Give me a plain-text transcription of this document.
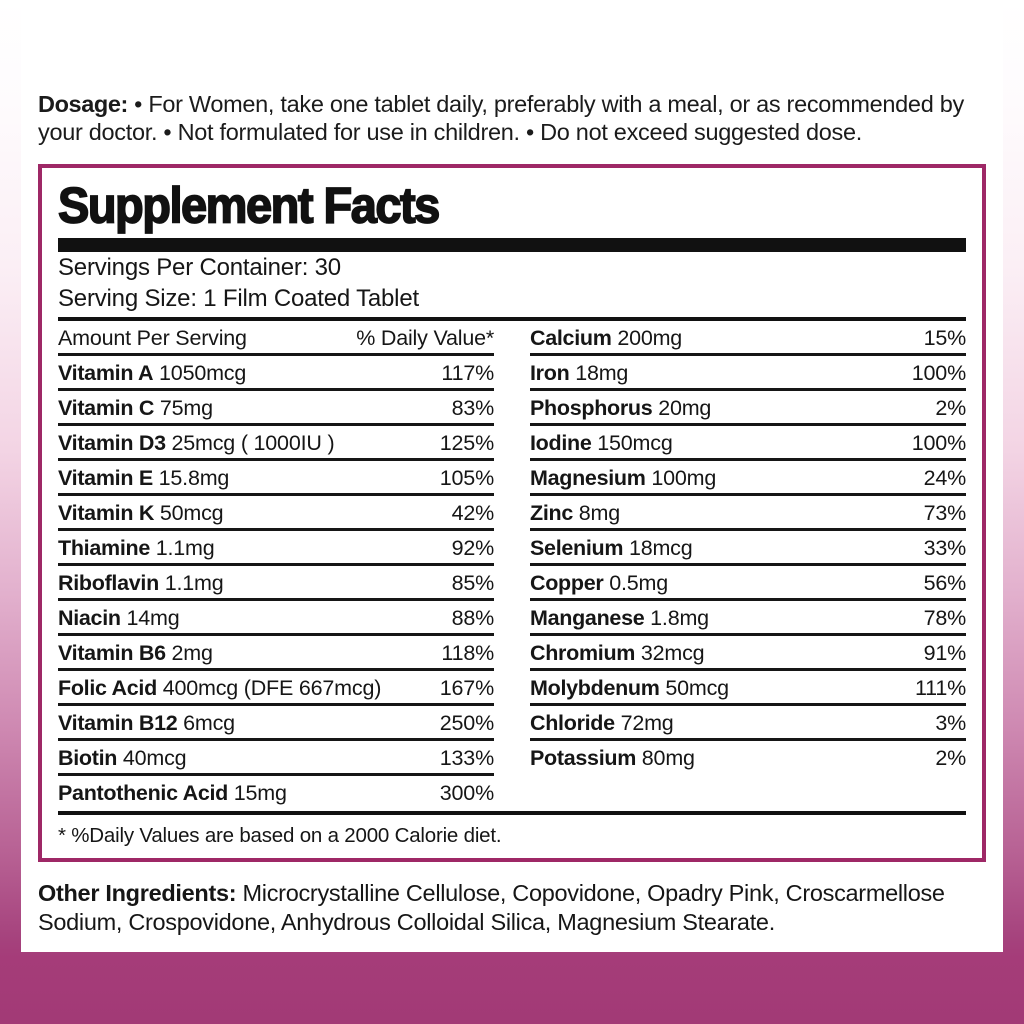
Dosage: • For Women, take one tablet daily, preferably with a meal, or as recommended by your doctor. • Not formulated for use in children. • Do not exceed suggested dose.

Supplement Facts
Servings Per Container: 30
Serving Size: 1 Film Coated Tablet
Amount Per Serving	% Daily Value*
Vitamin A 1050mcg	117%
Vitamin C 75mg	83%
Vitamin D3 25mcg ( 1000IU )	125%
Vitamin E 15.8mg	105%
Vitamin K 50mcg	42%
Thiamine 1.1mg	92%
Riboflavin 1.1mg	85%
Niacin 14mg	88%
Vitamin B6 2mg	118%
Folic Acid 400mcg (DFE 667mcg)	167%
Vitamin B12 6mcg	250%
Biotin 40mcg	133%
Pantothenic Acid 15mg	300%
Calcium 200mg	15%
Iron 18mg	100%
Phosphorus 20mg	2%
Iodine 150mcg	100%
Magnesium 100mg	24%
Zinc 8mg	73%
Selenium 18mcg	33%
Copper 0.5mg	56%
Manganese 1.8mg	78%
Chromium 32mcg	91%
Molybdenum 50mcg	111%
Chloride 72mg	3%
Potassium 80mg	2%

* %Daily Values are based on a 2000 Calorie diet.

Other Ingredients: Microcrystalline Cellulose, Copovidone, Opadry Pink, Croscarmellose Sodium, Crospovidone, Anhydrous Colloidal Silica, Magnesium Stearate.
